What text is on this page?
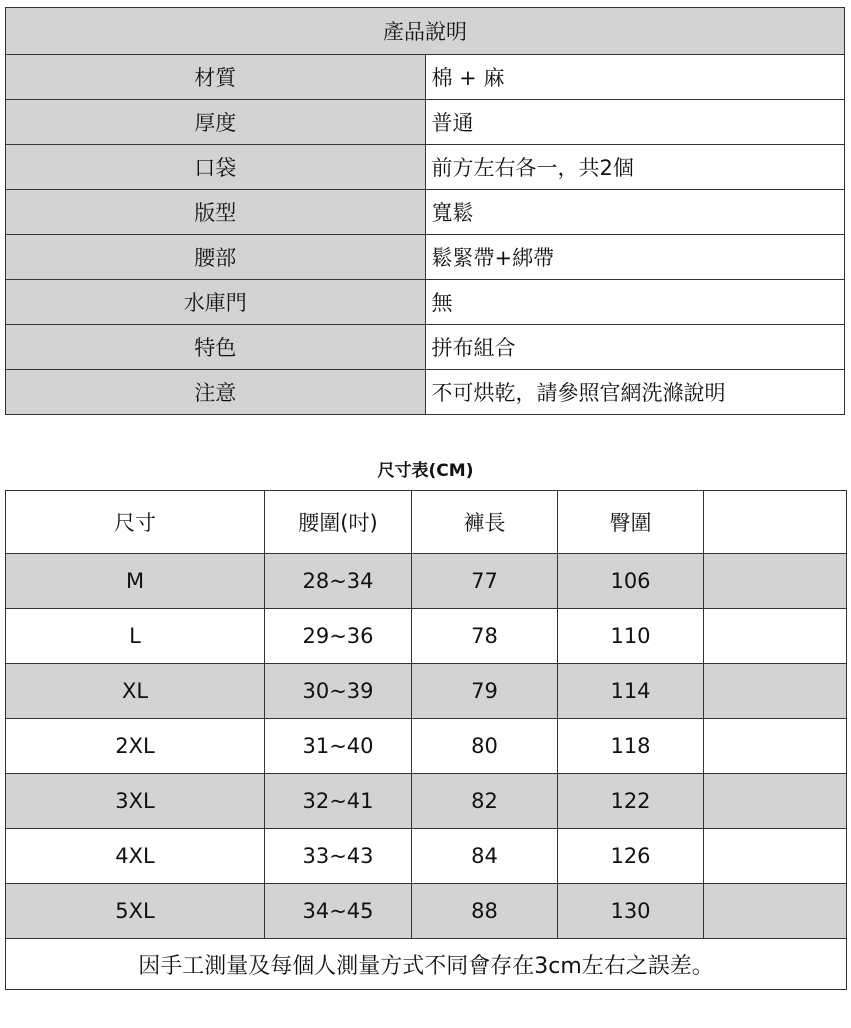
產品說明	
材質	棉 + 麻
厚度	普通
口袋	前方左右各一，共2個
版型	寬鬆
腰部	鬆緊帶+綁帶
水庫門	無
特色	拼布組合
注意	不可烘乾，請參照官網洗滌說明
尺寸表(CM)
尺寸	腰圍(吋)	褲長	臀圍	
M	28~34	77	106	
L	29~36	78	110	
XL	30~39	79	114	
2XL	31~40	80	118	
3XL	32~41	82	122	
4XL	33~43	84	126	
5XL	34~45	88	130	
因手工測量及每個人測量方式不同會存在3cm左右之誤差。				
